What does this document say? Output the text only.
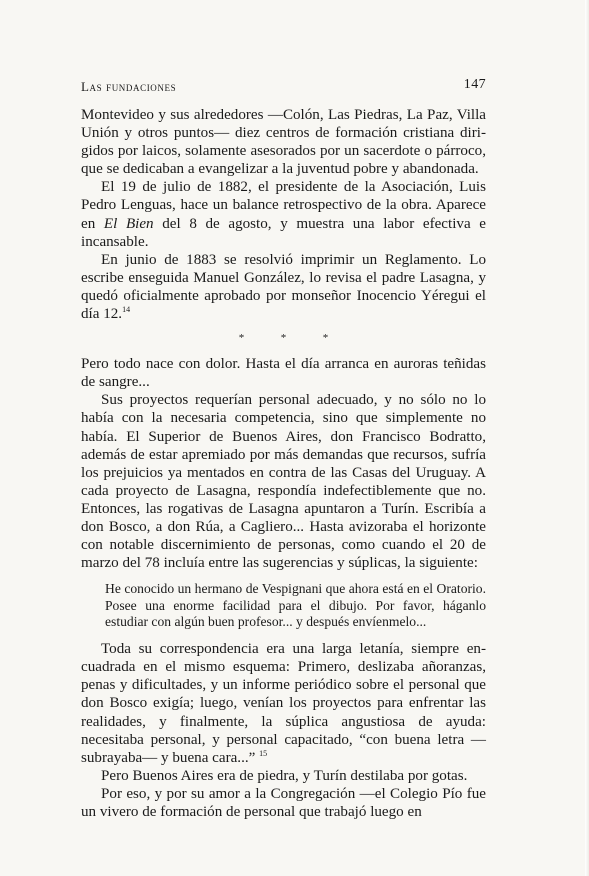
Las fundaciones	147

Montevideo y sus alrededores —Colón, Las Piedras, La Paz, Villa Unión y otros puntos— diez centros de formación cristiana dirigidos por laicos, solamente asesorados por un sacerdote o párroco, que se dedicaban a evangelizar a la juventud pobre y abandonada.

El 19 de julio de 1882, el presidente de la Asociación, Luis Pedro Lenguas, hace un balance retrospectivo de la obra. Aparece en El Bien del 8 de agosto, y muestra una labor efectiva e incansable.

En junio de 1883 se resolvió imprimir un Reglamento. Lo escribe enseguida Manuel González, lo revisa el padre Lasagna, y quedó oficialmente aprobado por monseñor Inocencio Yéregui el día 12.14

*	*	*

Pero todo nace con dolor. Hasta el día arranca en auroras teñidas de sangre...

Sus proyectos requerían personal adecuado, y no sólo no lo había con la necesaria competencia, sino que simplemente no había. El Superior de Buenos Aires, don Francisco Bodratto, además de estar apremiado por más demandas que recursos, sufría los prejuicios ya mentados en contra de las Casas del Uruguay. A cada proyecto de Lasagna, respondía indefectiblemente que no. Entonces, las rogativas de Lasagna apuntaron a Turín. Escribía a don Bosco, a don Rúa, a Cagliero... Hasta avizoraba el horizonte con notable discernimiento de personas, como cuando el 20 de marzo del 78 incluía entre las sugerencias y súplicas, la siguiente:

He conocido un hermano de Vespignani que ahora está en el Oratorio. Posee una enorme facilidad para el dibujo. Por favor, háganlo estudiar con algún buen profesor... y después envíenmelo...

Toda su correspondencia era una larga letanía, siempre encuadrada en el mismo esquema: Primero, deslizaba añoranzas, penas y dificultades, y un informe periódico sobre el personal que don Bosco exigía; luego, venían los proyectos para enfrentar las realidades, y finalmente, la súplica angustiosa de ayuda: necesitaba personal, y personal capacitado, “con buena letra —subrayaba— y buena cara...” $^{15}$

Pero Buenos Aires era de piedra, y Turín destilaba por gotas.

Por eso, y por su amor a la Congregación —el Colegio Pío fue un vivero de formación de personal que trabajó luego en
